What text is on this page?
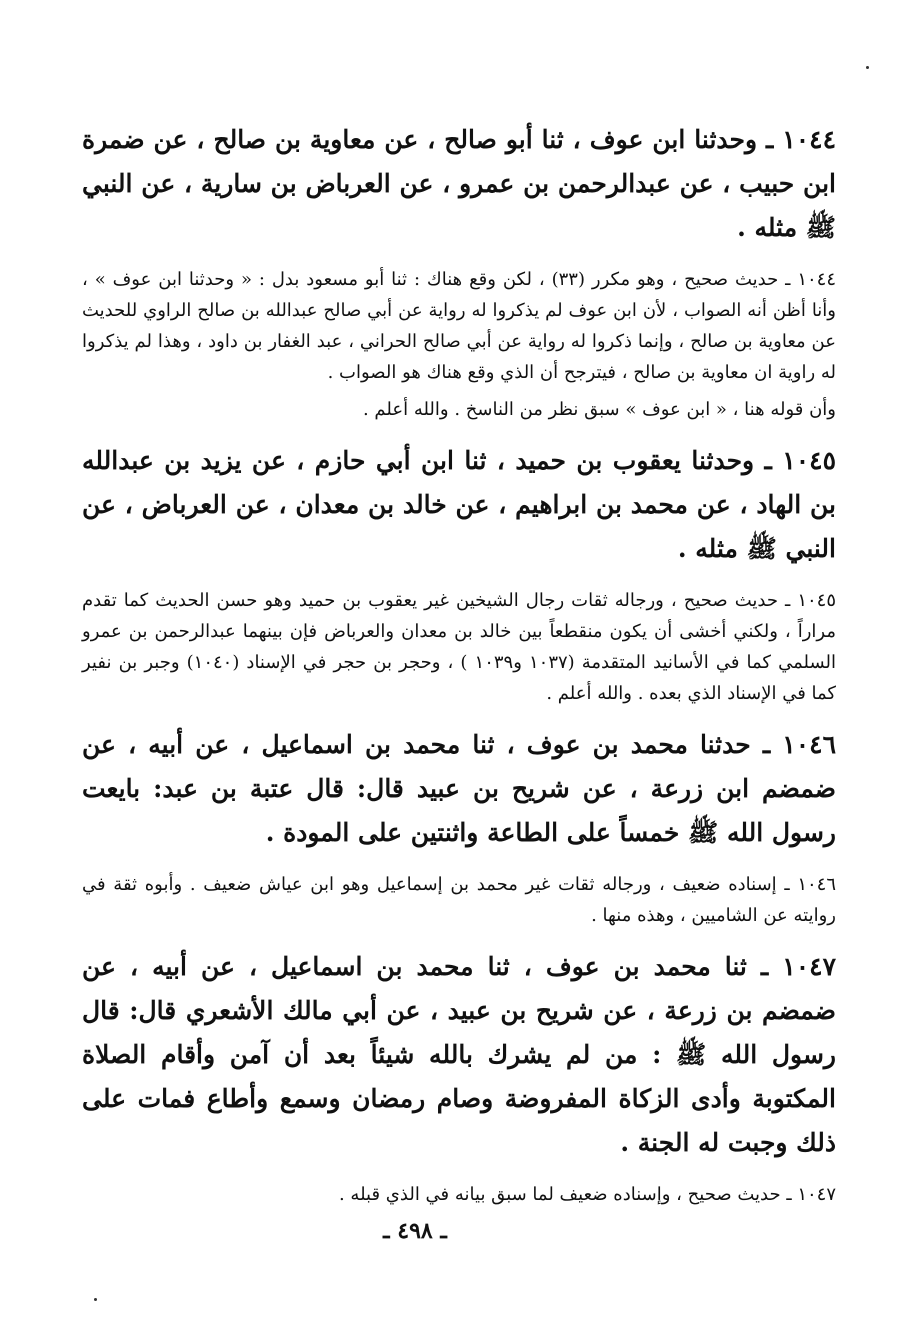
١٠٤٤ ـ وحدثنا ابن عوف ، ثنا أبو صالح ، عن معاوية بن صالح ، عن ضمرة ابن حبيب ، عن عبدالرحمن بن عمرو ، عن العرباض بن سارية ، عن النبي ﷺ مثله .

١٠٤٤ ـ حديث صحيح ، وهو مكرر (٣٣) ، لكن وقع هناك : ثنا أبو مسعود بدل : « وحدثنا ابن عوف » ، وأنا أظن أنه الصواب ، لأن ابن عوف لم يذكروا له رواية عن أبي صالح عبدالله بن صالح الراوي للحديث عن معاوية بن صالح ، وإنما ذكروا له رواية عن أبي صالح الحراني ، عبد الغفار بن داود ، وهذا لم يذكروا له راوية ان معاوية بن صالح ، فيترجح أن الذي وقع هناك هو الصواب .

وأن قوله هنا ، « ابن عوف » سبق نظر من الناسخ . والله أعلم .

١٠٤٥ ـ وحدثنا يعقوب بن حميد ، ثنا ابن أبي حازم ، عن يزيد بن عبدالله بن الهاد ، عن محمد بن ابراهيم ، عن خالد بن معدان ، عن العرباض ، عن النبي ﷺ مثله .

١٠٤٥ ـ حديث صحيح ، ورجاله ثقات رجال الشيخين غير يعقوب بن حميد وهو حسن الحديث كما تقدم مراراً ، ولكني أخشى أن يكون منقطعاً بين خالد بن معدان والعرباض فإن بينهما عبدالرحمن بن عمرو السلمي كما في الأسانيد المتقدمة (١٠٣٧ و١٠٣٩ ) ، وحجر بن حجر في الإسناد (١٠٤٠) وجبر بن نفير كما في الإسناد الذي بعده . والله أعلم .

١٠٤٦ ـ حدثنا محمد بن عوف ، ثنا محمد بن اسماعيل ، عن أبيه ، عن ضمضم ابن زرعة ، عن شريح بن عبيد قال: قال عتبة بن عبد: بايعت رسول الله ﷺ خمساً على الطاعة واثنتين على المودة .

١٠٤٦ ـ إسناده ضعيف ، ورجاله ثقات غير محمد بن إسماعيل وهو ابن عياش ضعيف . وأبوه ثقة في روايته عن الشاميين ، وهذه منها .

١٠٤٧ ـ ثنا محمد بن عوف ، ثنا محمد بن اسماعيل ، عن أبيه ، عن ضمضم بن زرعة ، عن شريح بن عبيد ، عن أبي مالك الأشعري قال: قال رسول الله ﷺ : من لم يشرك بالله شيئاً بعد أن آمن وأقام الصلاة المكتوبة وأدى الزكاة المفروضة وصام رمضان وسمع وأطاع فمات على ذلك وجبت له الجنة .

١٠٤٧ ـ حديث صحيح ، وإسناده ضعيف لما سبق بيانه في الذي قبله .

ـ ٤٩٨ ـ
